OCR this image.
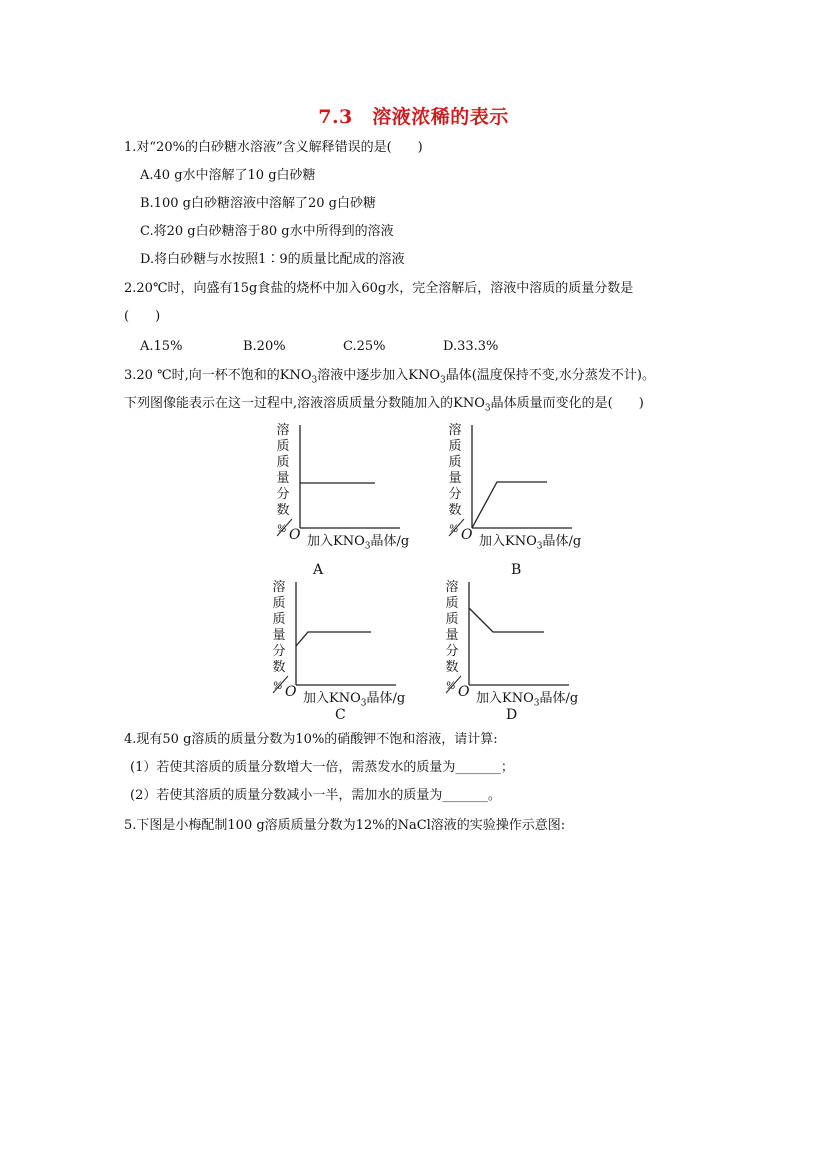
7.3　溶液浓稀的表示
1.对“20%的白砂糖水溶液”含义解释错误的是(　　)
A.40 g水中溶解了10 g白砂糖
B.100 g白砂糖溶液中溶解了20 g白砂糖
C.将20 g白砂糖溶于80 g水中所得到的溶液
D.将白砂糖与水按照1∶9的质量比配成的溶液
2.20℃时，向盛有15g食盐的烧杯中加入60g水，完全溶解后，溶液中溶质的质量分数是
(　　)
A.15%	B.20%	C.25%	D.33.3%
3.20 ℃时,向一杯不饱和的$KNO_3$溶液中逐步加入$KNO_3$晶体(温度保持不变,水分蒸发不计)。
下列图像能表示在这一过程中,溶液溶质质量分数随加入的$KNO_3$晶体质量而变化的是(　　)
溶
质
质
量
分
数
% O 加入$KNO_3$晶体/g
A
溶
质
质
量
分
数
% O 加入$KNO_3$晶体/g
B
溶
质
质
量
分
数
% O 加入$KNO_3$晶体/g
C
溶
质
质
量
分
数
% O 加入$KNO_3$晶体/g
D
4.现有50 g溶质的质量分数为10%的硝酸钾不饱和溶液，请计算:
(1）若使其溶质的质量分数增大一倍，需蒸发水的质量为_______；
(2）若使其溶质的质量分数减小一半，需加水的质量为_______。
5.下图是小梅配制100 g溶质质量分数为12%的NaCl溶液的实验操作示意图:
